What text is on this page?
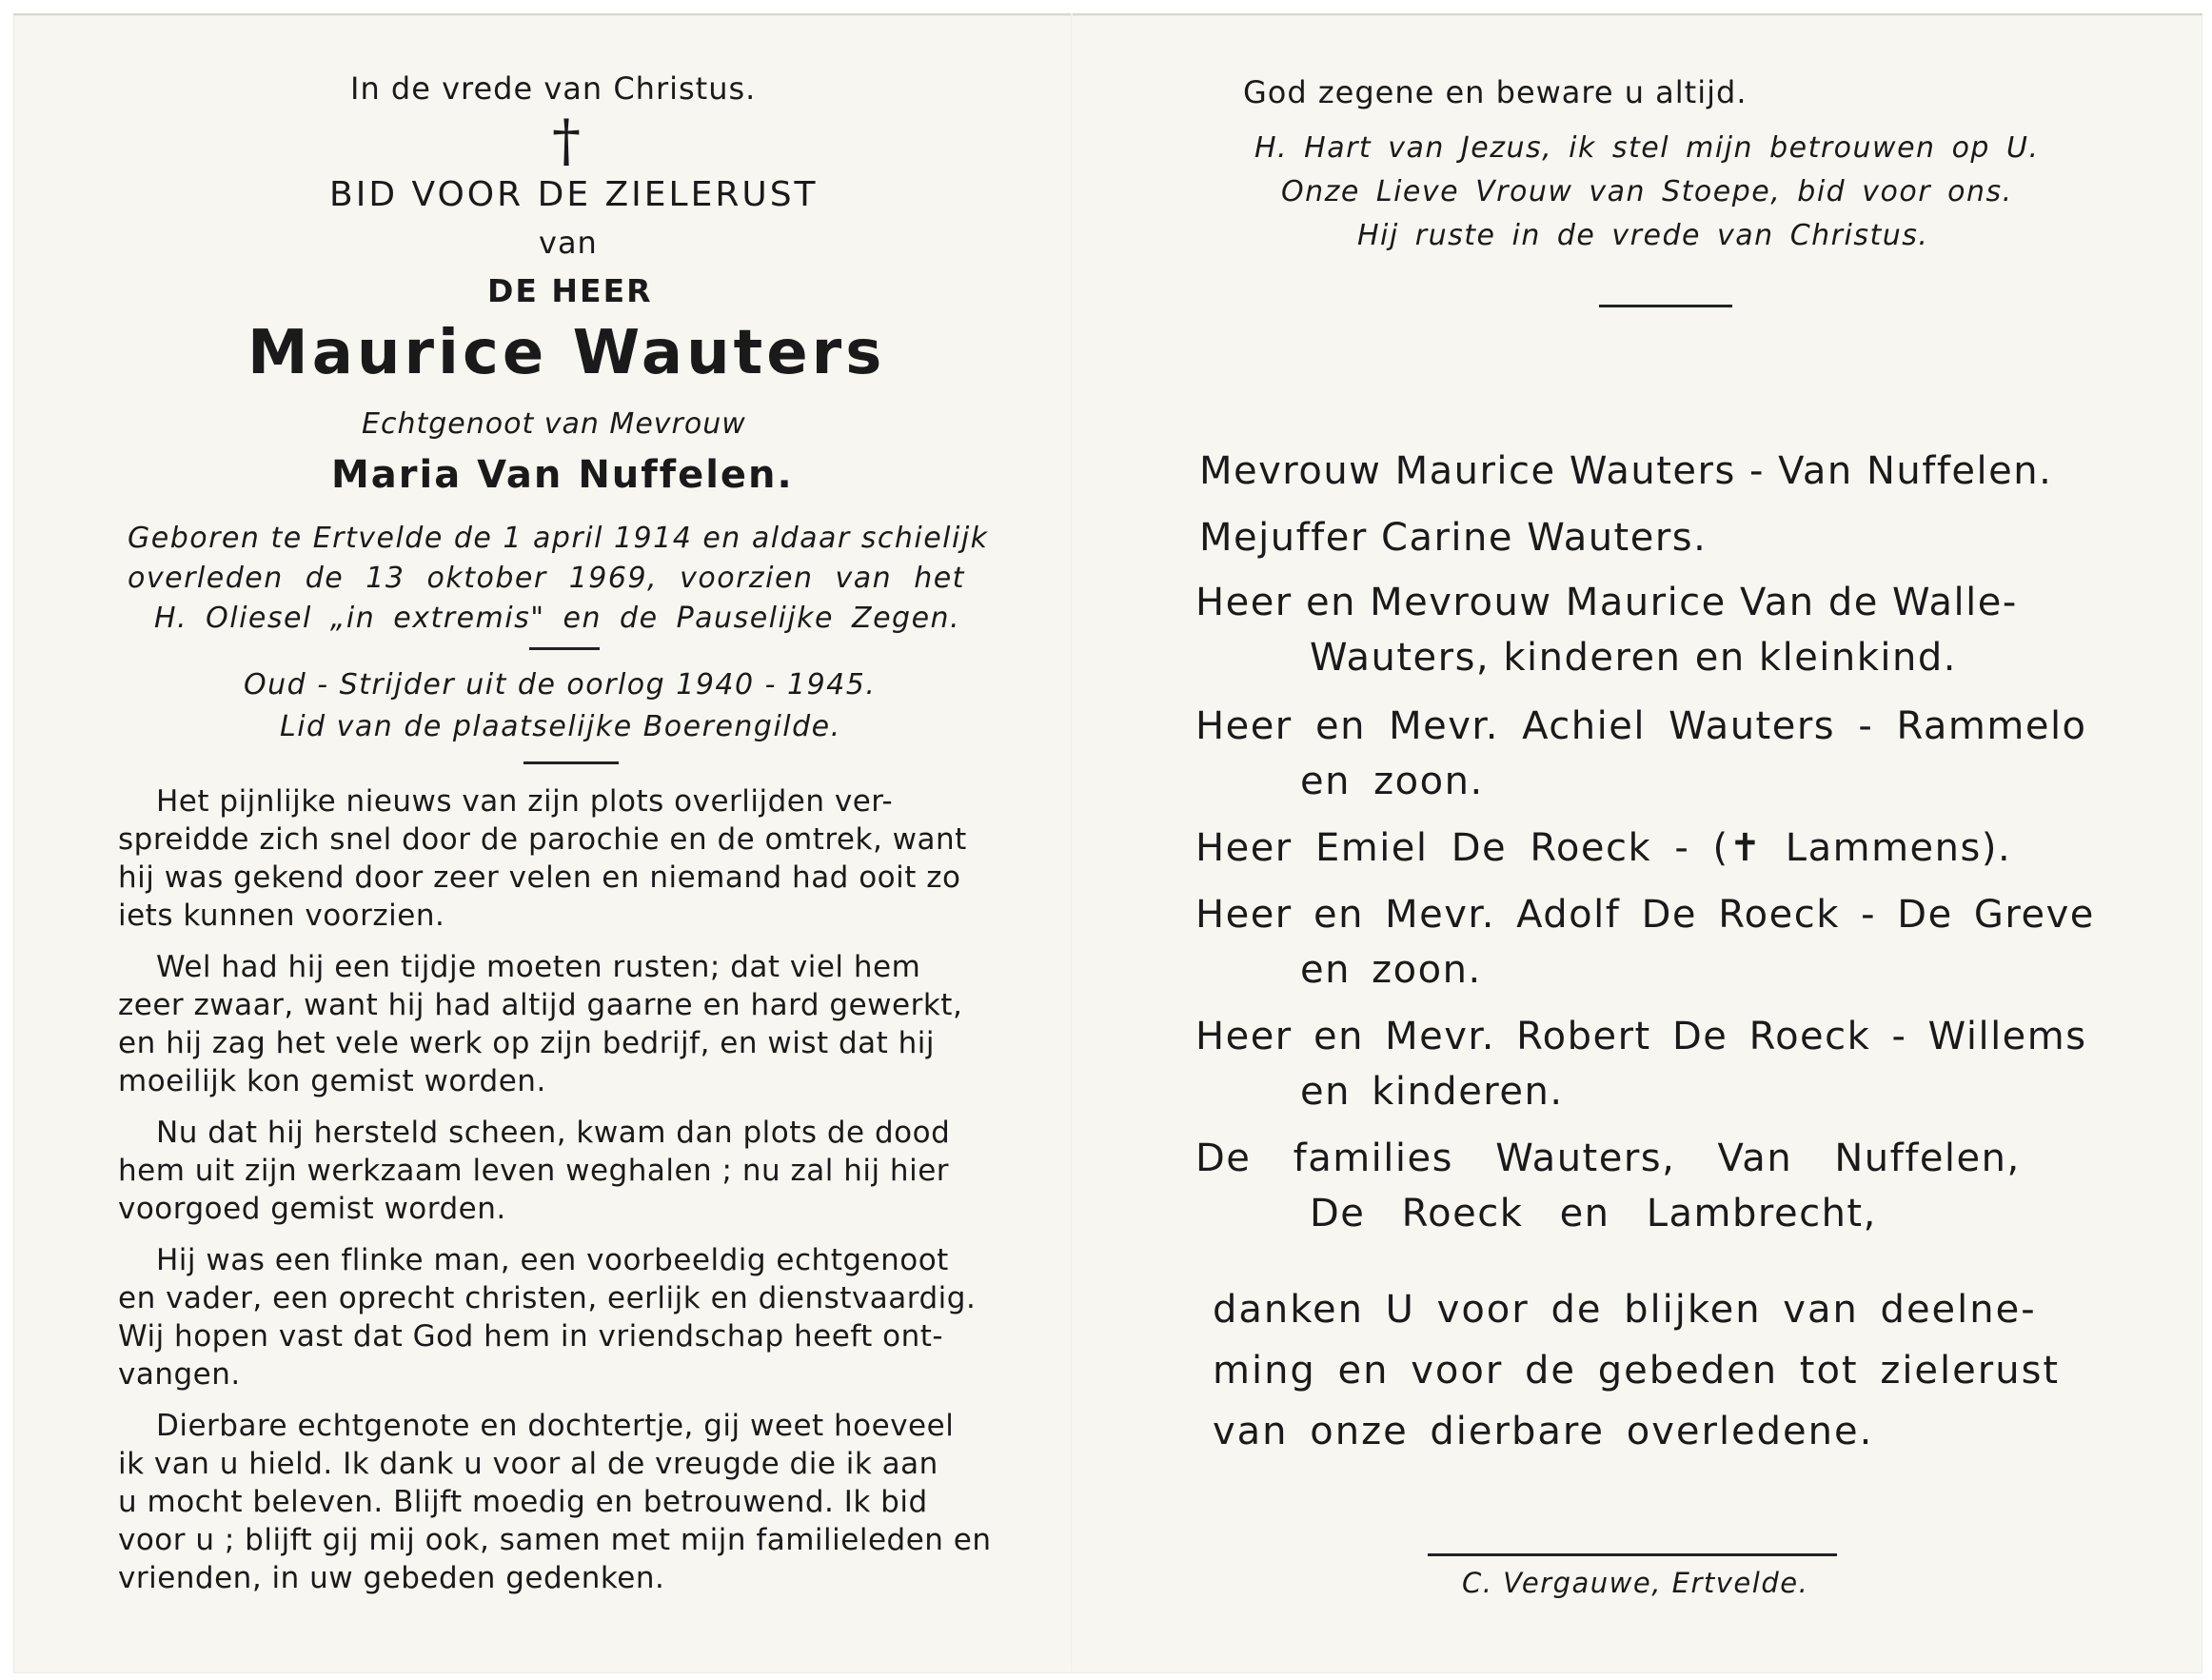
In de vrede van Christus.
†
BID VOOR DE ZIELERUST
van
DE HEER
Maurice Wauters
Echtgenoot van Mevrouw
Maria Van Nuffelen.
Geboren te Ertvelde de 1 april 1914 en aldaar schielijk
overleden de 13 oktober 1969, voorzien van het
H. Oliesel „in extremis" en de Pauselijke Zegen.
Oud - Strijder uit de oorlog 1940 - 1945.
Lid van de plaatselijke Boerengilde.
Het pijnlijke nieuws van zijn plots overlijden ver-
spreidde zich snel door de parochie en de omtrek, want
hij was gekend door zeer velen en niemand had ooit zo
iets kunnen voorzien.
Wel had hij een tijdje moeten rusten; dat viel hem
zeer zwaar, want hij had altijd gaarne en hard gewerkt,
en hij zag het vele werk op zijn bedrijf, en wist dat hij
moeilijk kon gemist worden.
Nu dat hij hersteld scheen, kwam dan plots de dood
hem uit zijn werkzaam leven weghalen ; nu zal hij hier
voorgoed gemist worden.
Hij was een flinke man, een voorbeeldig echtgenoot
en vader, een oprecht christen, eerlijk en dienstvaardig.
Wij hopen vast dat God hem in vriendschap heeft ont-
vangen.
Dierbare echtgenote en dochtertje, gij weet hoeveel
ik van u hield. Ik dank u voor al de vreugde die ik aan
u mocht beleven. Blijft moedig en betrouwend. Ik bid
voor u ; blijft gij mij ook, samen met mijn familieleden en
vrienden, in uw gebeden gedenken.
God zegene en beware u altijd.
H. Hart van Jezus, ik stel mijn betrouwen op U.
Onze Lieve Vrouw van Stoepe, bid voor ons.
Hij ruste in de vrede van Christus.
Mevrouw Maurice Wauters - Van Nuffelen.
Mejuffer Carine Wauters.
Heer en Mevrouw Maurice Van de Walle-
Wauters, kinderen en kleinkind.
Heer en Mevr. Achiel Wauters - Rammelo
en zoon.
Heer Emiel De Roeck - (✝ Lammens).
Heer en Mevr. Adolf De Roeck - De Greve
en zoon.
Heer en Mevr. Robert De Roeck - Willems
en kinderen.
De families Wauters, Van Nuffelen,
De Roeck en Lambrecht,
danken U voor de blijken van deelne-
ming en voor de gebeden tot zielerust
van onze dierbare overledene.
C. Vergauwe, Ertvelde.
